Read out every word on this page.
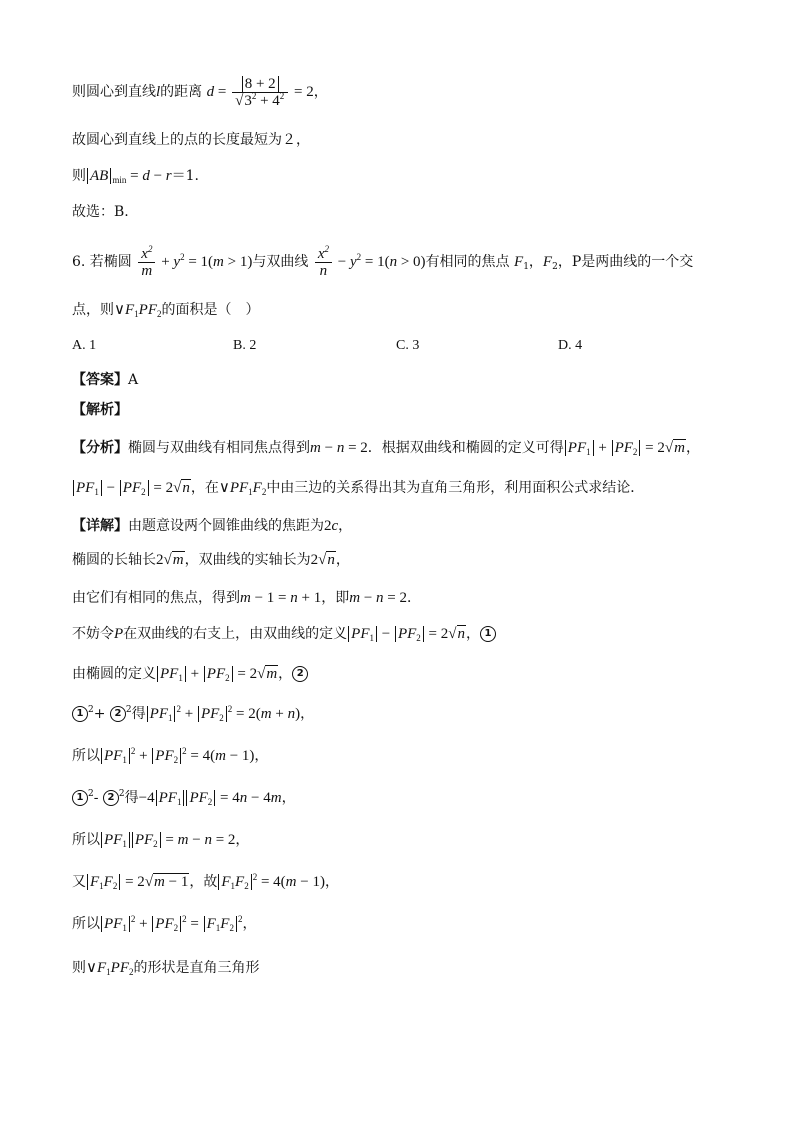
则圆心到直线l的距离 $d = \frac{8 + 2}{√3^2 + 4^2} = 2$，
故圆心到直线上的点的长度最短为２，
则 AB $_{min}$ = d − r＝1.
故选：B.
6. 若椭圆 $\frac{x^2}{m} + y^2 = 1(m > 1)$与双曲线 $\frac{x^2}{n} - y^2 = 1(n > 0)$有相同的焦点 $F_1$，$F_2$，P是两曲线的一个交
点，则$\vee F_1PF_2$的面积是（　）
A. 1	B. 2	C. 3	D. 4
【答案】A
【解析】
【分析】椭圆与双曲线有相同焦点得到m − n = 2．根据双曲线和椭圆的定义可得 $PF_1 + PF_2 = 2√m$，
$PF_1 - PF_2 = 2√n$，在$\vee PF_1F_2$中由三边的关系得出其为直角三角形，利用面积公式求结论．
【详解】由题意设两个圆锥曲线的焦距为2c，
椭圆的长轴长2√m，双曲线的实轴长为2√n，
由它们有相同的焦点，得到m − 1 = n + 1，即m − n = 2．
不妨令P在双曲线的右支上，由双曲线的定义 $PF_1 - PF_2 = 2√n$， 1
由椭圆的定义 $PF_1 + PF_2 = 2√m$， 2
1 $^2$+ 2 $^2$得 $PF_1^2 + PF_2^2 = 2(m + n)$，
所以 $PF_1^2 + PF_2^2 = 4(m - 1)$，
1 $^2$- 2 $^2$得−4 $PF_1$ $PF_2 = 4n - 4m$，
所以 $PF_1$ $PF_2 = m - n = 2$，
又 $F_1F_2 = 2√m - 1$，故 $F_1F_2^2 = 4(m - 1)$，
所以 $PF_1^2 + PF_2^2 = F_1F_2^2$，
则$\vee F_1PF_2$的形状是直角三角形
